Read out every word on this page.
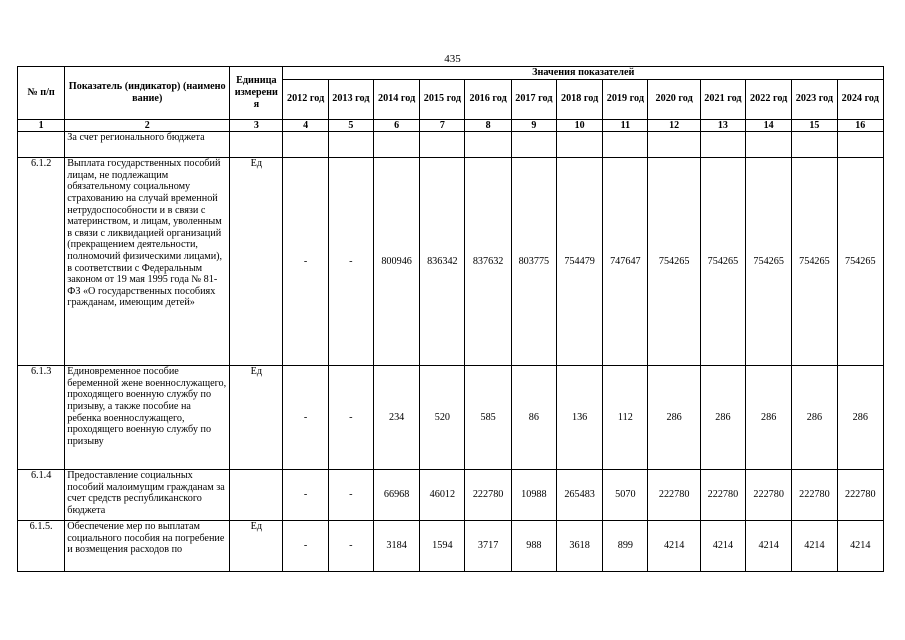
435
№ п/п	Показатель (индикатор) (наименование)	Единица измерения	Значения показателей												
			2012 год	2013 год	2014 год	2015 год	2016 год	2017 год	2018 год	2019 год	2020 год	2021 год	2022 год	2023 год	2024 год
1	2	3	4	5	6	7	8	9	10	11	12	13	14	15	16
	За счет регионального бюджета														
6.1.2	Выплата государственных пособий лицам, не подлежащим обязательному социальному страхованию на случай временной нетрудоспособности и в связи с материнством, и лицам, уволенным в связи с ликвидацией организаций (прекращением деятельности, полномочий физическими лицами), в соответствии с Федеральным законом от 19 мая 1995 года № 81-ФЗ «О государственных пособиях гражданам, имеющим детей»	Ед	-	-	800946	836342	837632	803775	754479	747647	754265	754265	754265	754265	754265
6.1.3	Единовременное пособие беременной жене военнослужащего, проходящего военную службу по призыву, а также пособие на ребенка военнослужащего, проходящего военную службу по призыву	Ед	-	-	234	520	585	86	136	112	286	286	286	286	286
6.1.4	Предоставление социальных пособий малоимущим гражданам за счет средств республиканского бюджета		-	-	66968	46012	222780	10988	265483	5070	222780	222780	222780	222780	222780
6.1.5.	Обеспечение мер по выплатам социального пособия на погребение и возмещения расходов по	Ед	-	-	3184	1594	3717	988	3618	899	4214	4214	4214	4214	4214
